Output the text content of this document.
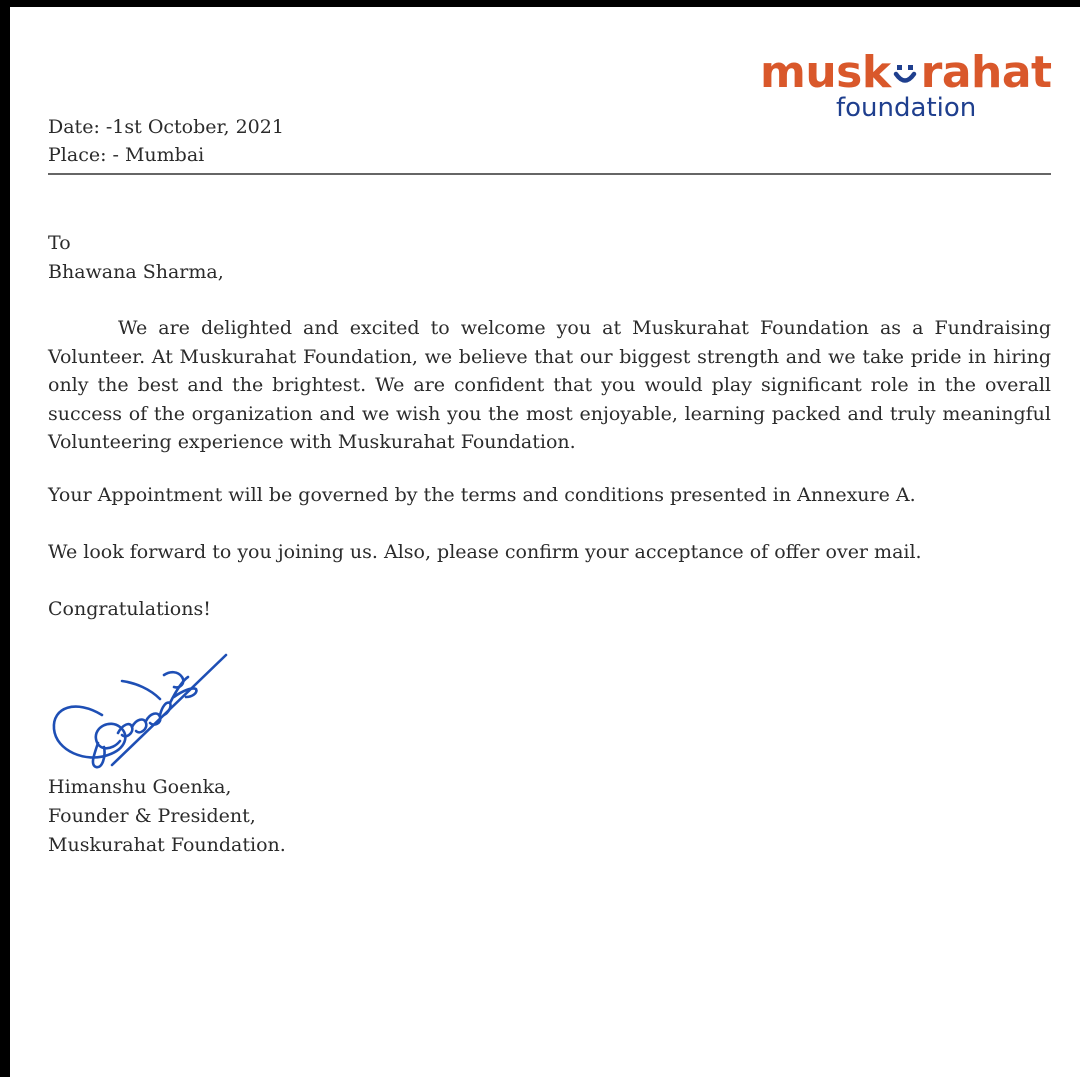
musk rahat
foundation
Date: -1st October, 2021
Place: - Mumbai
To
Bhawana Sharma,

We are delighted and excited to welcome you at Muskurahat Foundation as a Fundraising Volunteer. At Muskurahat Foundation, we believe that our biggest strength and we take pride in hiring only the best and the brightest. We are confident that you would play significant role in the overall success of the organization and we wish you the most enjoyable, learning packed and truly meaningful Volunteering experience with Muskurahat Foundation.

Your Appointment will be governed by the terms and conditions presented in Annexure A.

We look forward to you joining us. Also, please confirm your acceptance of offer over mail.

Congratulations!

Himanshu Goenka,
Founder & President,
Muskurahat Foundation.
